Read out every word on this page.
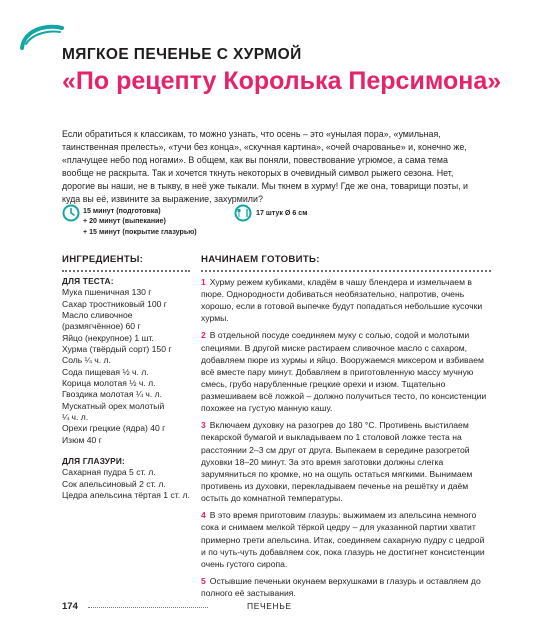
МЯГКОЕ ПЕЧЕНЬЕ С ХУРМОЙ
«По рецепту Королька Персимона»
Если обратиться к классикам, то можно узнать, что осень – это «унылая пора», «умильная, таинственная прелесть», «тучи без конца», «скучная картина», «очей очарованье» и, конечно же, «плачущее небо под ногами». В общем, как вы поняли, повествование угрюмое, а сама тема вообще не раскрыта. Так и хочется ткнуть некоторых в очевидный символ рыжего сезона. Нет, дорогие вы наши, не в тыкву, в неё уже тыкали. Мы ткнем в хурму! Где же она, товарищи поэты, и куда вы её, извините за выражение, захурмили?
15 минут (подготовка)
+ 20 минут (выпекание)
+ 15 минут (покрытие глазурью)
17 штук Ø 6 см
ИНГРЕДИЕНТЫ:
ДЛЯ ТЕСТА:
Мука пшеничная 130 г
Сахар тростниковый 100 г
Масло сливочное
(размягчённое) 60 г
Яйцо (некрупное) 1 шт.
Хурма (твёрдый сорт) 150 г
Соль ¼ ч. л.
Сода пищевая ½ ч. л.
Корица молотая ½ ч. л.
Гвоздика молотая ¼ ч. л.
Мускатный орех молотый
¼ ч. л.
Орехи грецкие (ядра) 40 г
Изюм 40 г
ДЛЯ ГЛАЗУРИ:
Сахарная пудра 5 ст. л.
Сок апельсиновый 2 ст. л.
Цедра апельсина тёртая 1 ст. л.
НАЧИНАЕМ ГОТОВИТЬ:
1 Хурму режем кубиками, кладём в чашу блендера и измельчаем в пюре. Однородности добиваться необязательно, напротив, очень хорошо, если в готовой выпечке будут попадаться небольшие кусочки хурмы.
2 В отдельной посуде соединяем муку с солью, содой и молотыми специями. В другой миске растираем сливочное масло с сахаром, добавляем пюре из хурмы и яйцо. Вооружаемся миксером и взбиваем всё вместе пару минут. Добавляем в приготовленную массу мучную смесь, грубо нарубленные грецкие орехи и изюм. Тщательно размешиваем всё ложкой – должно получиться тесто, по консистенции похожее на густую манную кашу.
3 Включаем духовку на разогрев до 180 °С. Противень выстилаем пекарской бумагой и выкладываем по 1 столовой ложке теста на расстоянии 2–3 см друг от друга. Выпекаем в середине разогретой духовки 18–20 минут. За это время заготовки должны слегка зарумяниться по кромке, но на ощупь остаться мягкими. Вынимаем противень из духовки, перекладываем печенье на решётку и даём остыть до комнатной температуры.
4 В это время приготовим глазурь: выжимаем из апельсина немного сока и снимаем мелкой тёркой цедру – для указанной партии хватит примерно трети апельсина. Итак, соединяем сахарную пудру с цедрой и по чуть-чуть добавляем сок, пока глазурь не достигнет консистенции очень густого сиропа.
5 Остывшие печеньки окунаем верхушками в глазурь и оставляем до полного её застывания.
174	ПЕЧЕНЬЕ
